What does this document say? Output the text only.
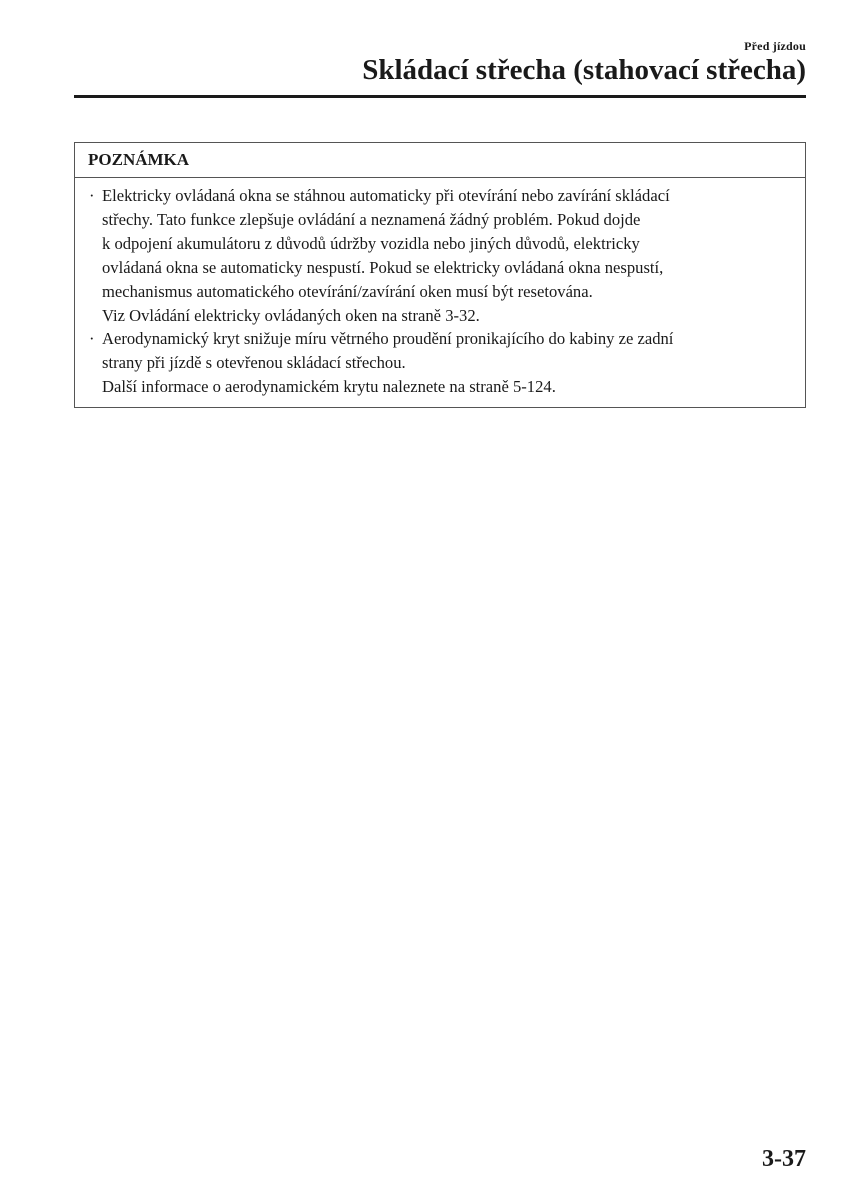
Před jízdou
Skládací střecha (stahovací střecha)
POZNÁMKA
· Elektricky ovládaná okna se stáhnou automaticky při otevírání nebo zavírání skládací
střechy. Tato funkce zlepšuje ovládání a neznamená žádný problém. Pokud dojde
k odpojení akumulátoru z důvodů údržby vozidla nebo jiných důvodů, elektricky
ovládaná okna se automaticky nespustí. Pokud se elektricky ovládaná okna nespustí,
mechanismus automatického otevírání/zavírání oken musí být resetována.
Viz Ovládání elektricky ovládaných oken na straně 3-32.
· Aerodynamický kryt snižuje míru větrného proudění pronikajícího do kabiny ze zadní
strany při jízdě s otevřenou skládací střechou.
Další informace o aerodynamickém krytu naleznete na straně 5-124.
3-37
